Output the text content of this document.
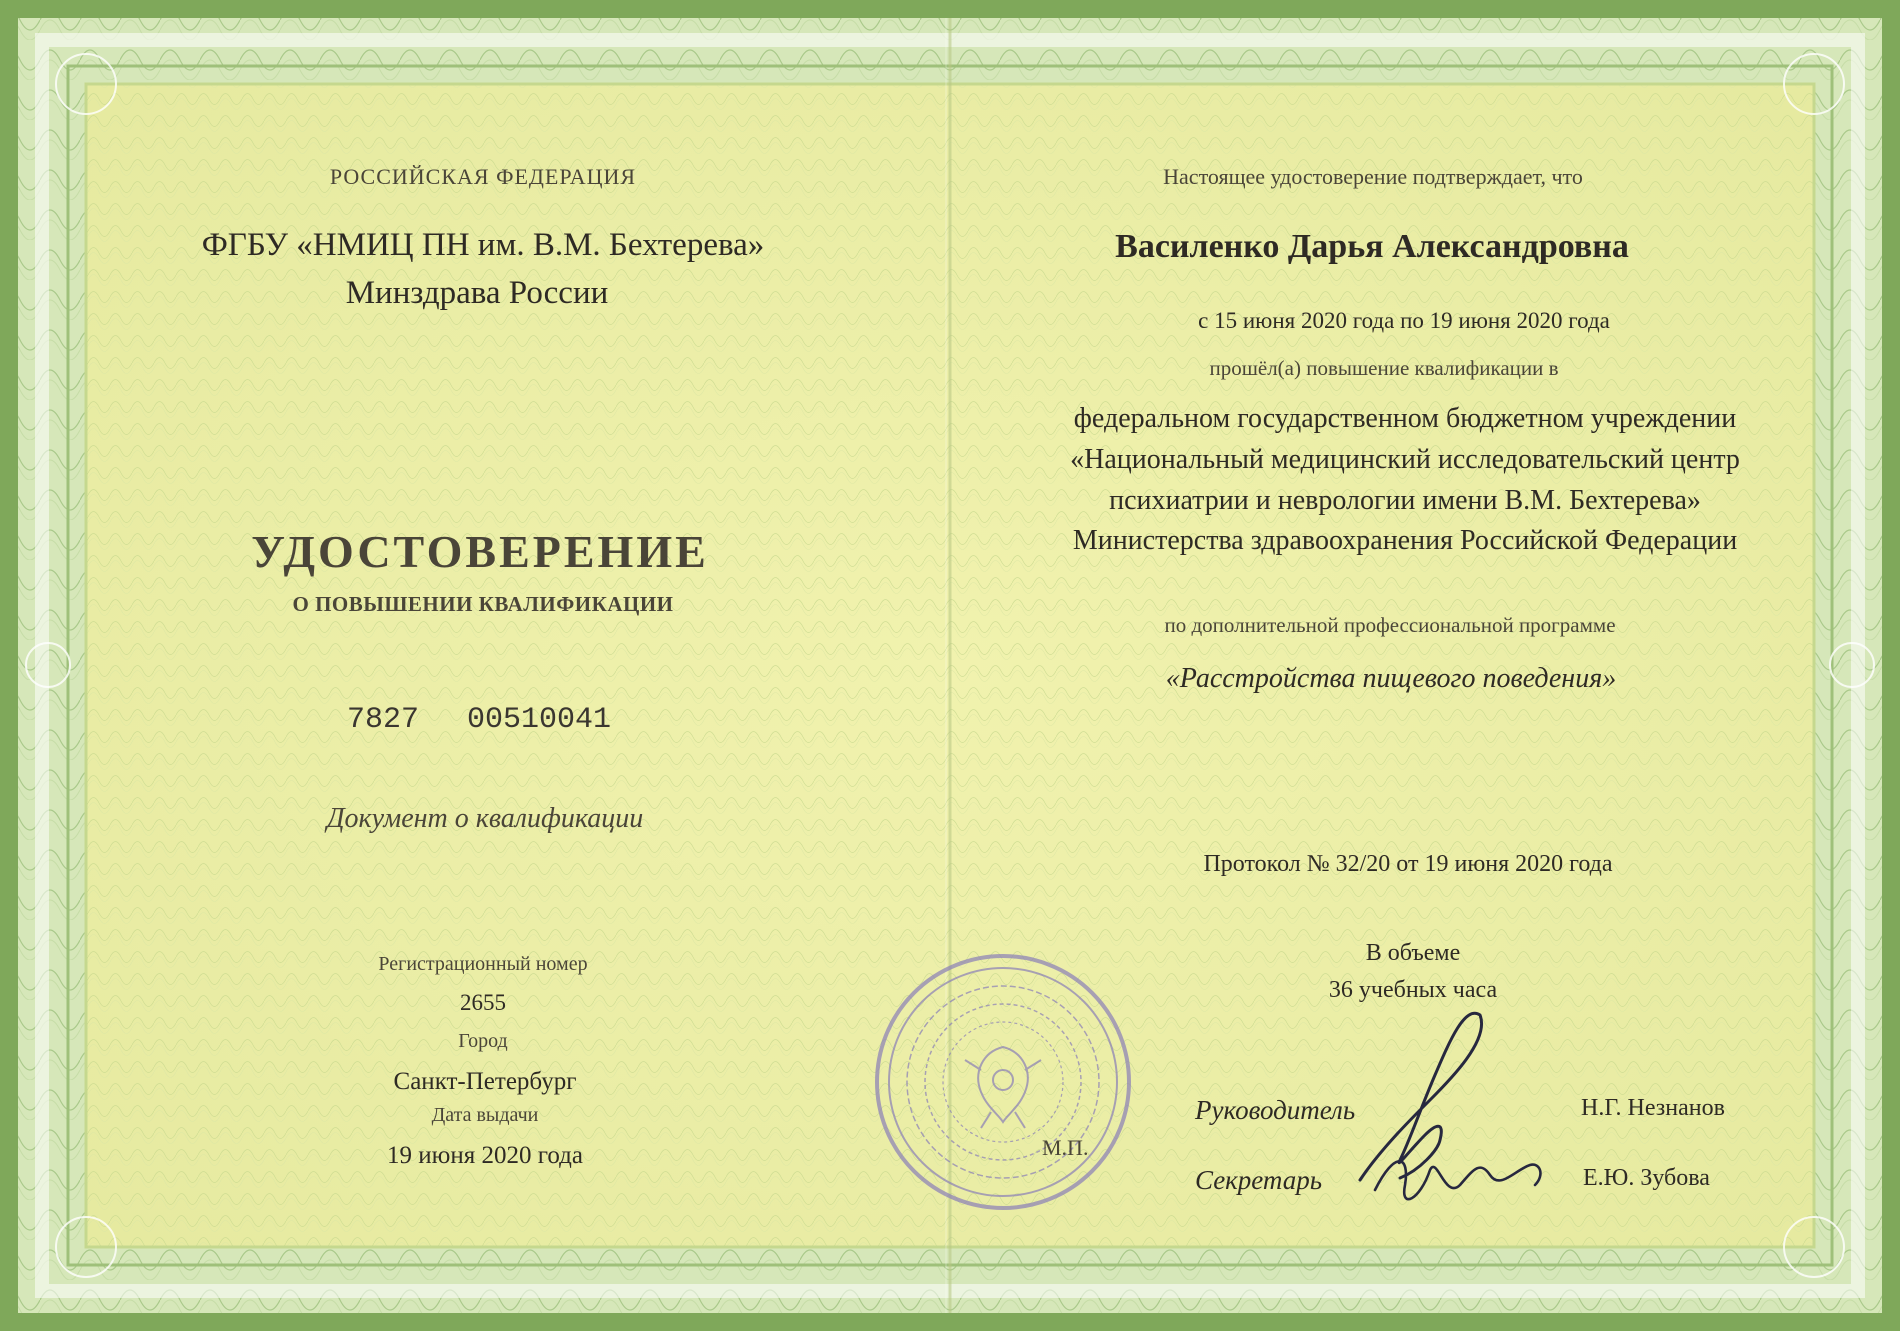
РОССИЙСКАЯ ФЕДЕРАЦИЯ

ФГБУ «НМИЦ ПН им. В.М. Бехтерева»

Минздрава России

УДОСТОВЕРЕНИЕ

О ПОВЫШЕНИИ КВАЛИФИКАЦИИ

7827 00510041

Документ о квалификации

Регистрационный номер

2655

Город

Санкт-Петербург

Дата выдачи

19 июня 2020 года

Настоящее удостоверение подтверждает, что

Василенко Дарья Александровна

с 15 июня 2020 года по 19 июня 2020 года

прошёл(а) повышение квалификации в

федеральном государственном бюджетном учреждении

«Национальный медицинский исследовательский центр

психиатрии и неврологии имени В.М. Бехтерева»

Министерства здравоохранения Российской Федерации

по дополнительной профессиональной программе

«Расстройства пищевого поведения»

Протокол № 32/20 от 19 июня 2020 года

В объеме

36 учебных часа

М.П.

Руководитель	Н.Г. Незнанов

Секретарь	Е.Ю. Зубова
